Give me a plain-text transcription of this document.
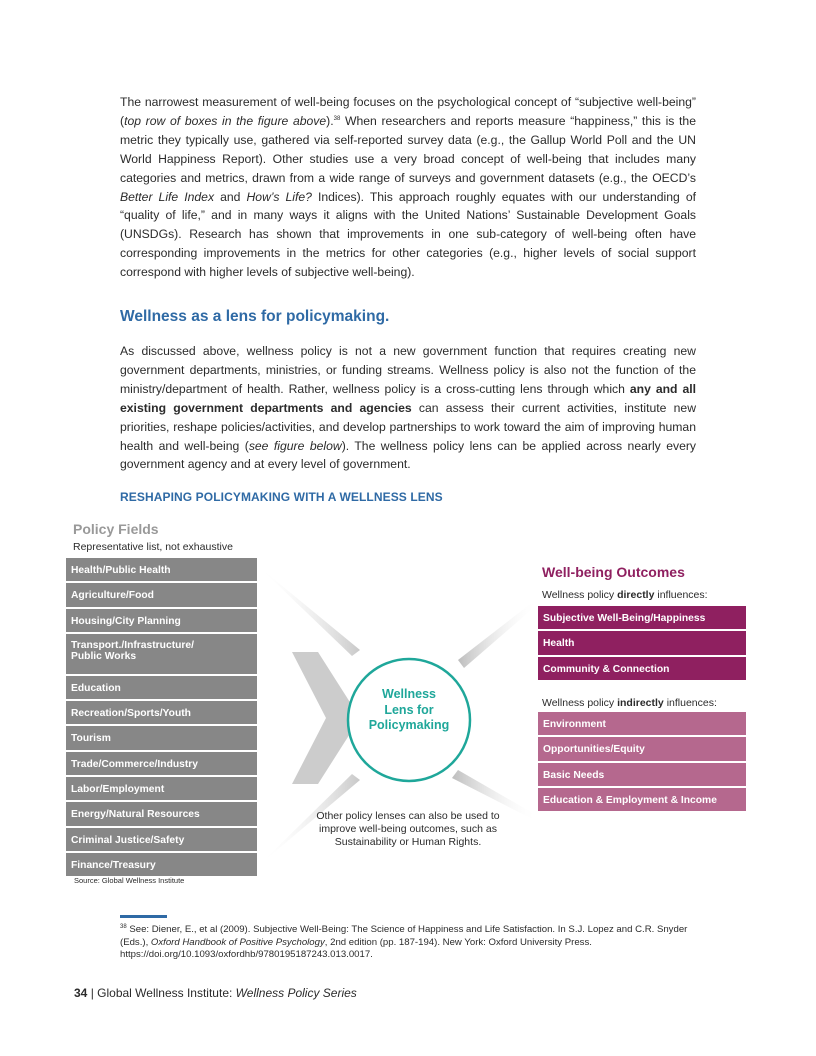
The narrowest measurement of well-being focuses on the psychological concept of “subjective well-being” (top row of boxes in the figure above).$^{38}$ When researchers and reports measure “happiness,” this is the metric they typically use, gathered via self-reported survey data (e.g., the Gallup World Poll and the UN World Happiness Report). Other studies use a very broad concept of well-being that includes many categories and metrics, drawn from a wide range of surveys and government datasets (e.g., the OECD’s Better Life Index and How’s Life? Indices). This approach roughly equates with our understanding of “quality of life,” and in many ways it aligns with the United Nations’ Sustainable Development Goals (UNSDGs). Research has shown that improvements in one sub-category of well-being often have corresponding improvements in the metrics for other categories (e.g., higher levels of social support correspond with higher levels of subjective well-being).

Wellness as a lens for policymaking.

As discussed above, wellness policy is not a new government function that requires creating new government departments, ministries, or funding streams. Wellness policy is also not the function of the ministry/department of health. Rather, wellness policy is a cross-cutting lens through which any and all existing government departments and agencies can assess their current activities, institute new priorities, reshape policies/activities, and develop partnerships to work toward the aim of improving human health and well-being (see figure below). The wellness policy lens can be applied across nearly every government agency and at every level of government.

RESHAPING POLICYMAKING WITH A WELLNESS LENS
Policy Fields

Representative list, not exhaustive

Health/Public Health
Agriculture/Food
Housing/City Planning
Transport./Infrastructure/
Public Works
Education
Recreation/Sports/Youth
Tourism
Trade/Commerce/Industry
Labor/Employment
Energy/Natural Resources
Criminal Justice/Safety
Finance/Treasury
Wellness
Lens for
Policymaking
Well-being Outcomes

Wellness policy directly influences:

Subjective Well-Being/Happiness
Health
Community & Connection

Wellness policy indirectly influences:

Environment
Opportunities/Equity
Basic Needs
Education & Employment & Income

Other policy lenses can also be used to improve well-being outcomes, such as Sustainability or Human Rights.

Source: Global Wellness Institute

$^{38}$ See: Diener, E., et al (2009). Subjective Well-Being: The Science of Happiness and Life Satisfaction. In S.J. Lopez and C.R. Snyder (Eds.), Oxford Handbook of Positive Psychology, 2nd edition (pp. 187-194). New York: Oxford University Press. https://doi.org/10.1093/oxfordhb/9780195187243.013.0017.

34 | Global Wellness Institute: Wellness Policy Series
